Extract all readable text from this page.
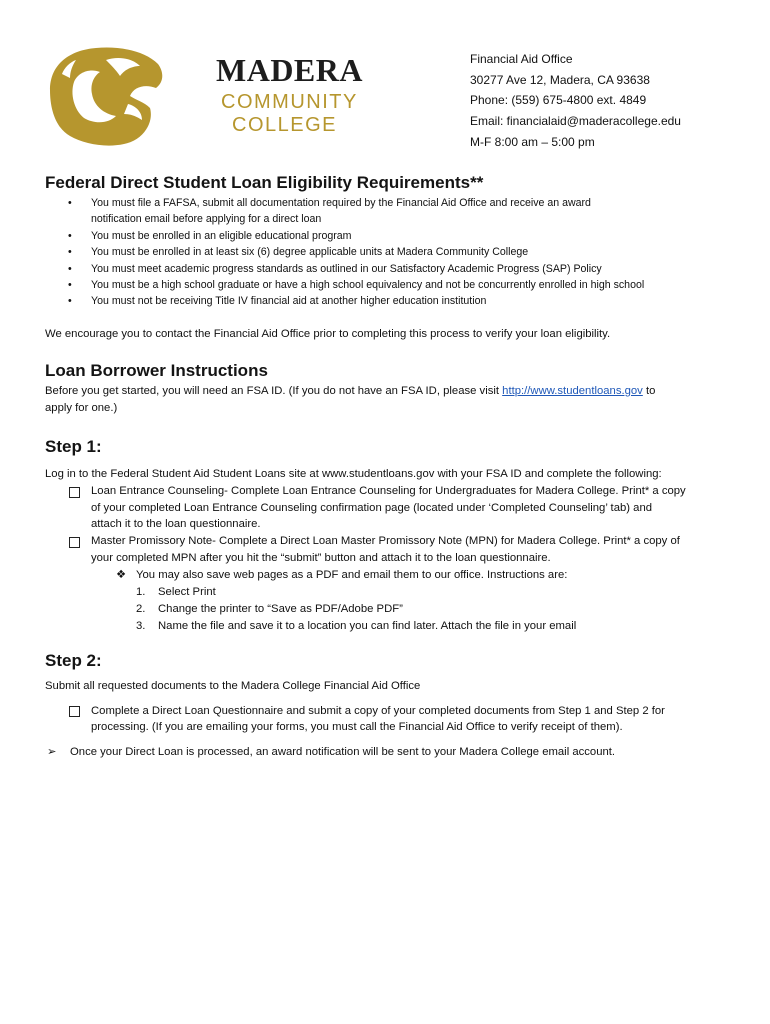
MADERA
COMMUNITY
COLLEGE
Financial Aid Office
30277 Ave 12, Madera, CA 93638
Phone: (559) 675-4800 ext. 4849
Email: financialaid@maderacollege.edu
M-F 8:00 am – 5:00 pm
Federal Direct Student Loan Eligibility Requirements**
• You must file a FAFSA, submit all documentation required by the Financial Aid Office and receive an award
notification email before applying for a direct loan
• You must be enrolled in an eligible educational program
• You must be enrolled in at least six (6) degree applicable units at Madera Community College
• You must meet academic progress standards as outlined in our Satisfactory Academic Progress (SAP) Policy
• You must be a high school graduate or have a high school equivalency and not be concurrently enrolled in high school
• You must not be receiving Title IV financial aid at another higher education institution
We encourage you to contact the Financial Aid Office prior to completing this process to verify your loan eligibility.
Loan Borrower Instructions
Before you get started, you will need an FSA ID. (If you do not have an FSA ID, please visit http://www.studentloans.gov to
apply for one.)
Step 1:
Log in to the Federal Student Aid Student Loans site at www.studentloans.gov with your FSA ID and complete the following:
Loan Entrance Counseling- Complete Loan Entrance Counseling for Undergraduates for Madera College. Print* a copy
of your completed Loan Entrance Counseling confirmation page (located under ‘Completed Counseling’ tab) and
attach it to the loan questionnaire.
Master Promissory Note- Complete a Direct Loan Master Promissory Note (MPN) for Madera College. Print* a copy of
your completed MPN after you hit the “submit” button and attach it to the loan questionnaire.
❖ You may also save web pages as a PDF and email them to our office. Instructions are:
1. Select Print
2. Change the printer to “Save as PDF/Adobe PDF”
3. Name the file and save it to a location you can find later. Attach the file in your email
Step 2:
Submit all requested documents to the Madera College Financial Aid Office
Complete a Direct Loan Questionnaire and submit a copy of your completed documents from Step 1 and Step 2 for
processing. (If you are emailing your forms, you must call the Financial Aid Office to verify receipt of them).
➢ Once your Direct Loan is processed, an award notification will be sent to your Madera College email account.
